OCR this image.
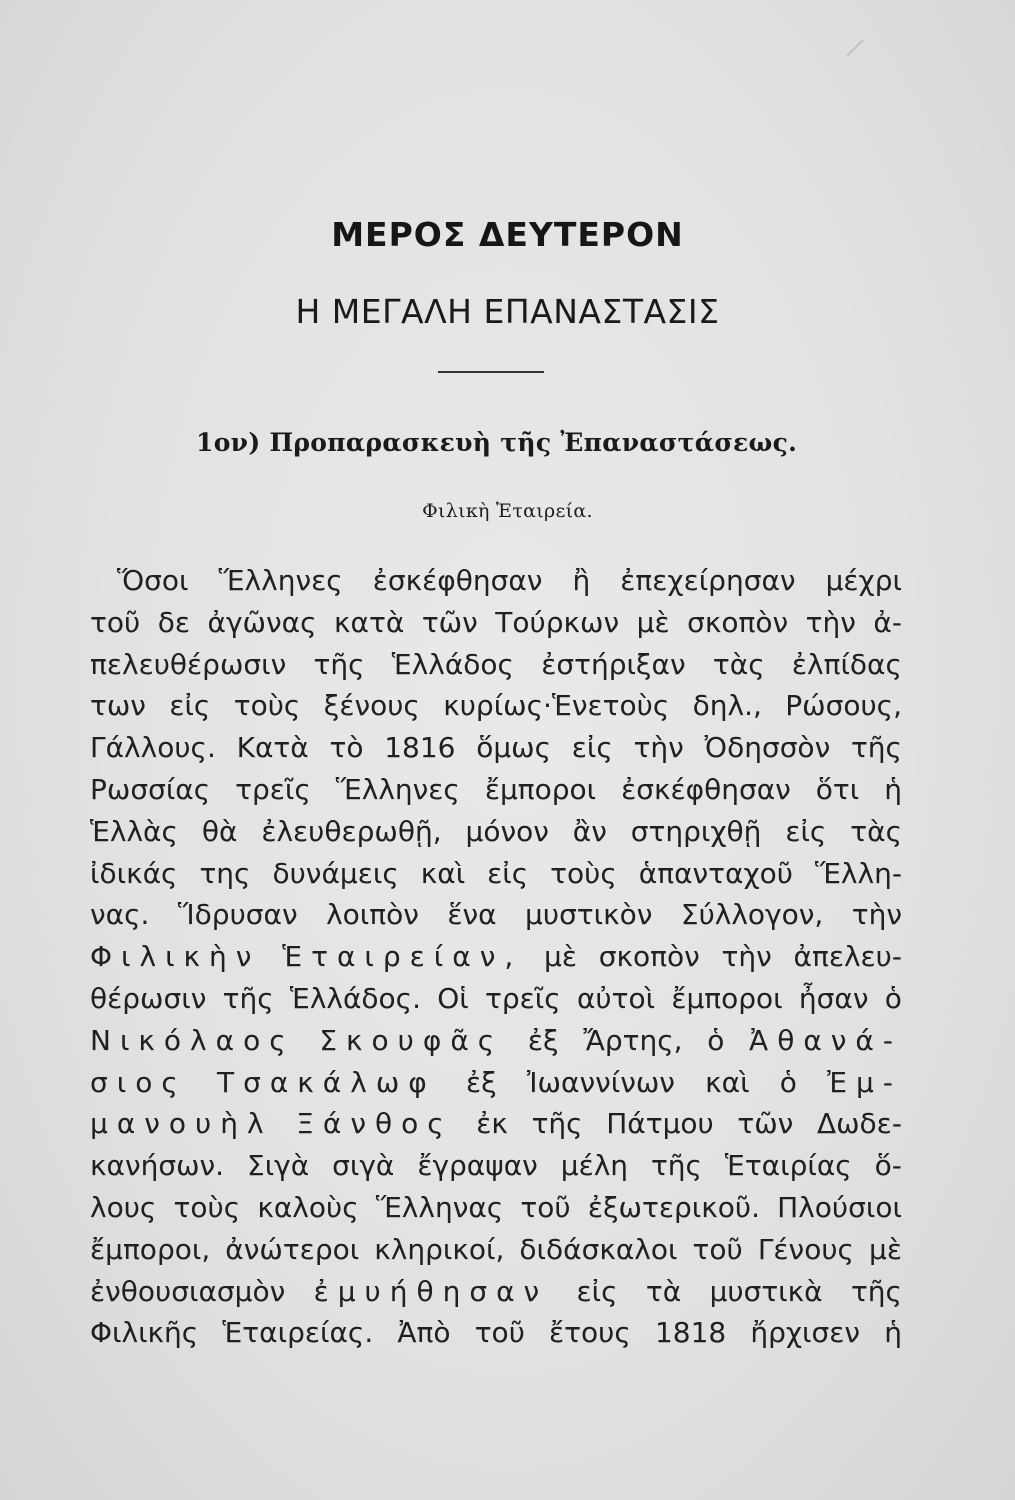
ΜΕΡΟΣ ΔΕΥΤΕΡΟΝ
Η ΜΕΓΑΛΗ ΕΠΑΝΑΣΤΑΣΙΣ
1ον) Προπαρασκευὴ τῆς Ἐπαναστάσεως.
Φιλικὴ Ἑταιρεία.
Ὅσοι Ἕλληνες ἐσκέφθησαν ἢ ἐπεχείρησαν μέχρι
τοῦ δε ἀγῶνας κατὰ τῶν Τούρκων μὲ σκοπὸν τὴν ἀ-
πελευθέρωσιν τῆς Ἑλλάδος ἐστήριξαν τὰς ἐλπίδας
των εἰς τοὺς ξένους κυρίως·Ἑνετοὺς δηλ., Ρώσους,
Γάλλους. Κατὰ τὸ 1816 ὅμως εἰς τὴν Ὀδησσὸν τῆς
Ρωσσίας τρεῖς Ἕλληνες ἔμποροι ἐσκέφθησαν ὅτι ἡ
Ἑλλὰς θὰ ἐλευθερωθῇ, μόνον ἂν στηριχθῇ εἰς τὰς
ἰδικάς της δυνάμεις καὶ εἰς τοὺς ἁπανταχοῦ Ἕλλη-
νας. Ἵδρυσαν λοιπὸν ἕνα μυστικὸν Σύλλογον, τὴν
Φιλικὴν Ἑταιρείαν, μὲ σκοπὸν τὴν ἀπελευ-
θέρωσιν τῆς Ἑλλάδος. Οἱ τρεῖς αὐτοὶ ἔμποροι ἦσαν ὁ
Νικόλαος Σκουφᾶς ἐξ Ἄρτης, ὁ Ἀθανά-
σιος Τσακάλωφ ἐξ Ἰωαννίνων καὶ ὁ Ἐμ-
μανουὴλ Ξάνθος ἐκ τῆς Πάτμου τῶν Δωδε-
κανήσων. Σιγὰ σιγὰ ἔγραψαν μέλη τῆς Ἑταιρίας ὅ-
λους τοὺς καλοὺς Ἕλληνας τοῦ ἐξωτερικοῦ. Πλούσιοι
ἔμποροι, ἀνώτεροι κληρικοί, διδάσκαλοι τοῦ Γένους μὲ
ἐνθουσιασμὸν ἐμυήθησαν εἰς τὰ μυστικὰ τῆς
Φιλικῆς Ἑταιρείας. Ἀπὸ τοῦ ἔτους 1818 ἤρχισεν ἡ
